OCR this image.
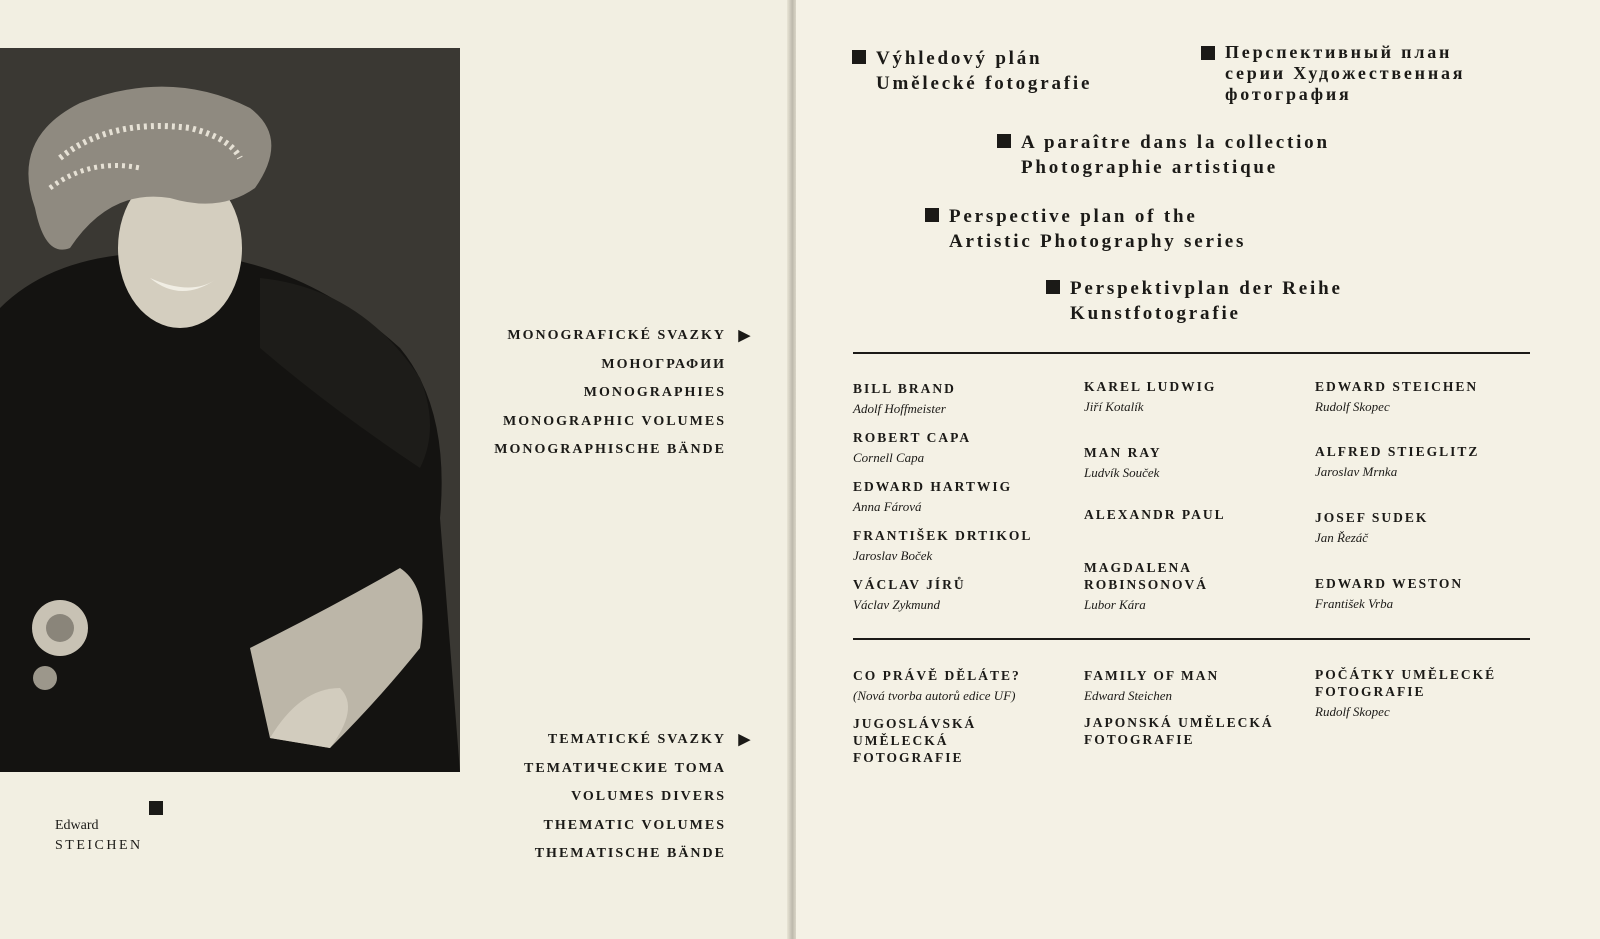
Edward
STEICHEN
MONOGRAFICKÉ SVAZKY ▶
МОНОГРАФИИ
MONOGRAPHIES
MONOGRAPHIC VOLUMES
MONOGRAPHISCHE BÄNDE
TEMATICKÉ SVAZKY ▶
ТЕМАТИЧЕСКИЕ ТОМА
VOLUMES DIVERS
THEMATIC VOLUMES
THEMATISCHE BÄNDE
Výhledový plán
Umělecké fotografie
Перспективный план
серии Художественная
фотография
A paraître dans la collection
Photographie artistique
Perspective plan of the
Artistic Photography series
Perspektivplan der Reihe
Kunstfotografie
BILL BRAND
Adolf Hoffmeister
ROBERT CAPA
Cornell Capa
EDWARD HARTWIG
Anna Fárová
FRANTIŠEK DRTIKOL
Jaroslav Boček
VÁCLAV JÍRŮ
Václav Zykmund
KAREL LUDWIG
Jiří Kotalík
MAN RAY
Ludvík Souček
ALEXANDR PAUL
MAGDALENA
ROBINSONOVÁ
Lubor Kára
EDWARD STEICHEN
Rudolf Skopec
ALFRED STIEGLITZ
Jaroslav Mrnka
JOSEF SUDEK
Jan Řezáč
EDWARD WESTON
František Vrba
CO PRÁVĚ DĚLÁTE?
(Nová tvorba autorů edice UF)
JUGOSLÁVSKÁ
UMĚLECKÁ
FOTOGRAFIE
FAMILY OF MAN
Edward Steichen
JAPONSKÁ UMĚLECKÁ
FOTOGRAFIE
POČÁTKY UMĚLECKÉ
FOTOGRAFIE
Rudolf Skopec
